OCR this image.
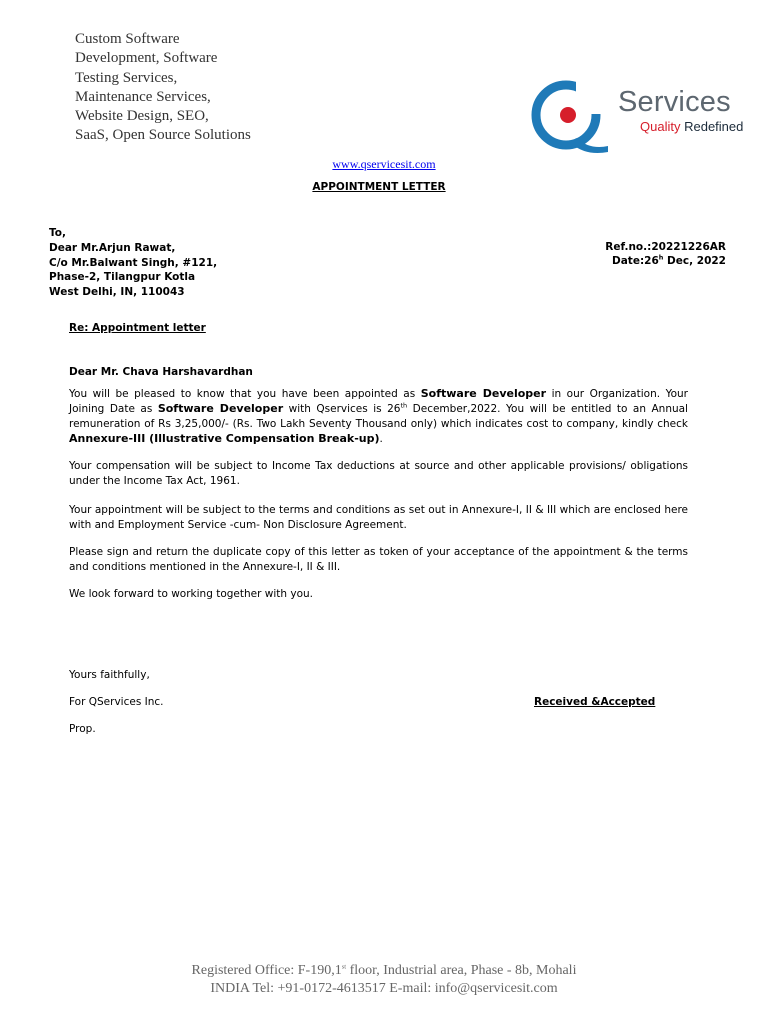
Custom Software
Development, Software
Testing Services,
Maintenance Services,
Website Design, SEO,
SaaS, Open Source Solutions
Services
Quality Redefined
www.qservicesit.com
APPOINTMENT LETTER
To,
Dear Mr.Arjun Rawat,
C/o Mr.Balwant Singh, #121,
Phase-2, Tilangpur Kotla
West Delhi, IN, 110043
Ref.no.:20221226AR
Date:26$^h$ Dec, 2022
Re: Appointment letter
Dear Mr. Chava Harshavardhan
You will be pleased to know that you have been appointed as Software Developer in our Organization. Your Joining Date as Software Developer with Qservices is 26th December,2022. You will be entitled to an Annual remuneration of Rs 3,25,000/- (Rs. Two Lakh Seventy Thousand only) which indicates cost to company, kindly check Annexure-III (Illustrative Compensation Break-up).
Your compensation will be subject to Income Tax deductions at source and other applicable provisions/ obligations under the Income Tax Act, 1961.
Your appointment will be subject to the terms and conditions as set out in Annexure-I, II & III which are enclosed here with and Employment Service -cum- Non Disclosure Agreement.
Please sign and return the duplicate copy of this letter as token of your acceptance of the appointment & the terms and conditions mentioned in the Annexure-I, II & III.
We look forward to working together with you.
Yours faithfully,
For QServices Inc.	Received &Accepted
Prop.
Registered Office: F-190,1st floor, Industrial area, Phase - 8b, Mohali
INDIA Tel: +91-0172-4613517 E-mail: info@qservicesit.com
